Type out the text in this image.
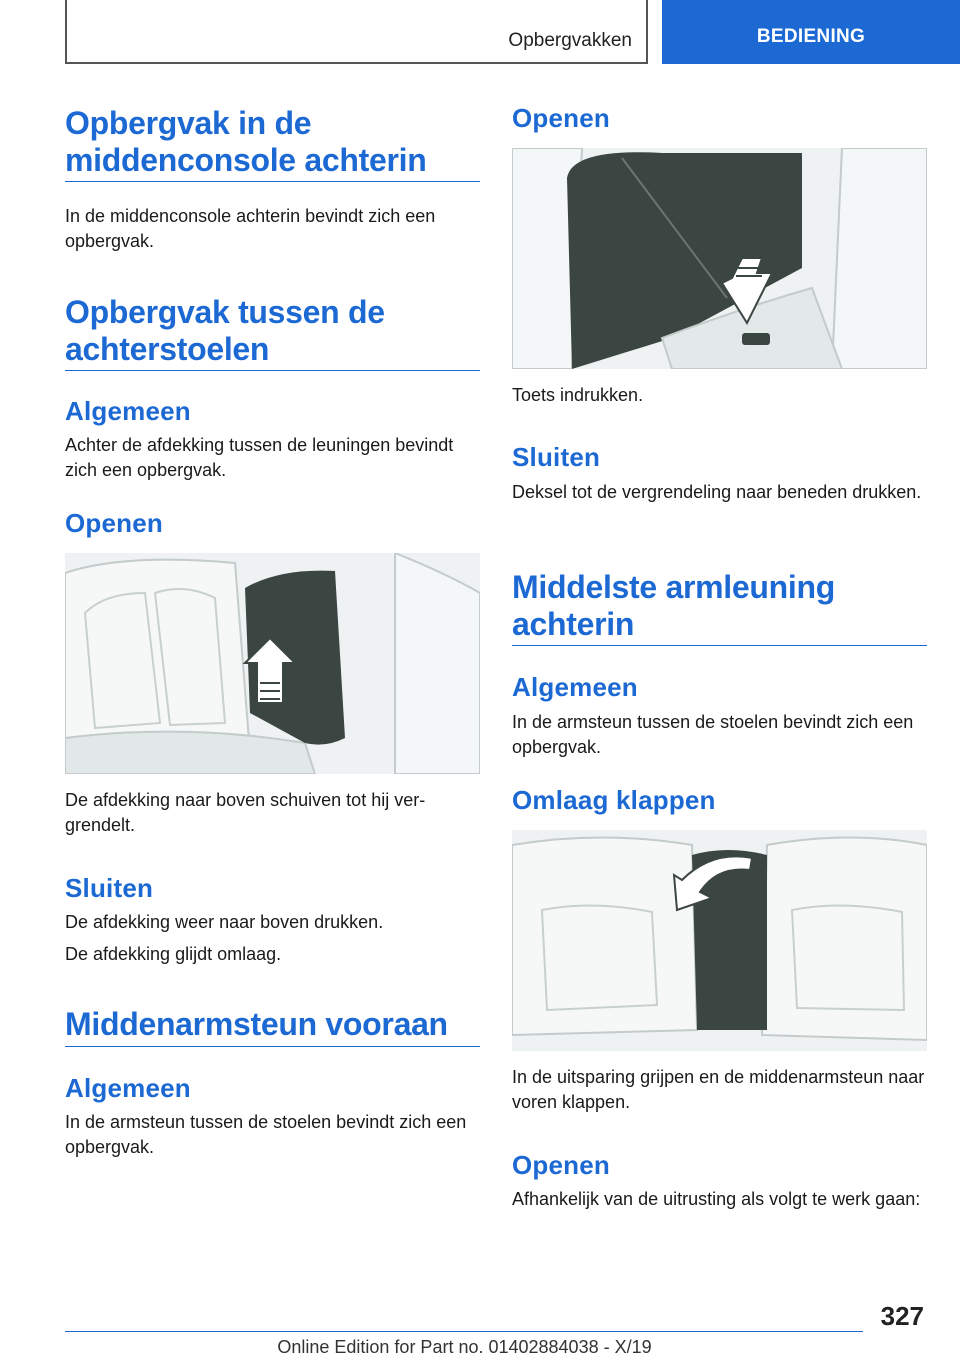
Opbergvakken	BEDIENING
Opbergvak in de middenconsole achterin

In de middenconsole achterin bevindt zich een opbergvak.

Opbergvak tussen de achterstoelen
Algemeen

Achter de afdekking tussen de leuningen bevindt zich een opbergvak.

Openen

De afdekking naar boven schuiven tot hij vergrendelt.

Sluiten

De afdekking weer naar boven drukken.

De afdekking glijdt omlaag.

Middenarmsteun vooraan
Algemeen

In de armsteun tussen de stoelen bevindt zich een opbergvak.

Openen

Toets indrukken.

Sluiten

Deksel tot de vergrendeling naar beneden drukken.

Middelste armleuning achterin
Algemeen

In de armsteun tussen de stoelen bevindt zich een opbergvak.

Omlaag klappen

In de uitsparing grijpen en de middenarmsteun naar voren klappen.

Openen

Afhankelijk van de uitrusting als volgt te werk gaan:

327
Online Edition for Part no. 01402884038 - X/19
